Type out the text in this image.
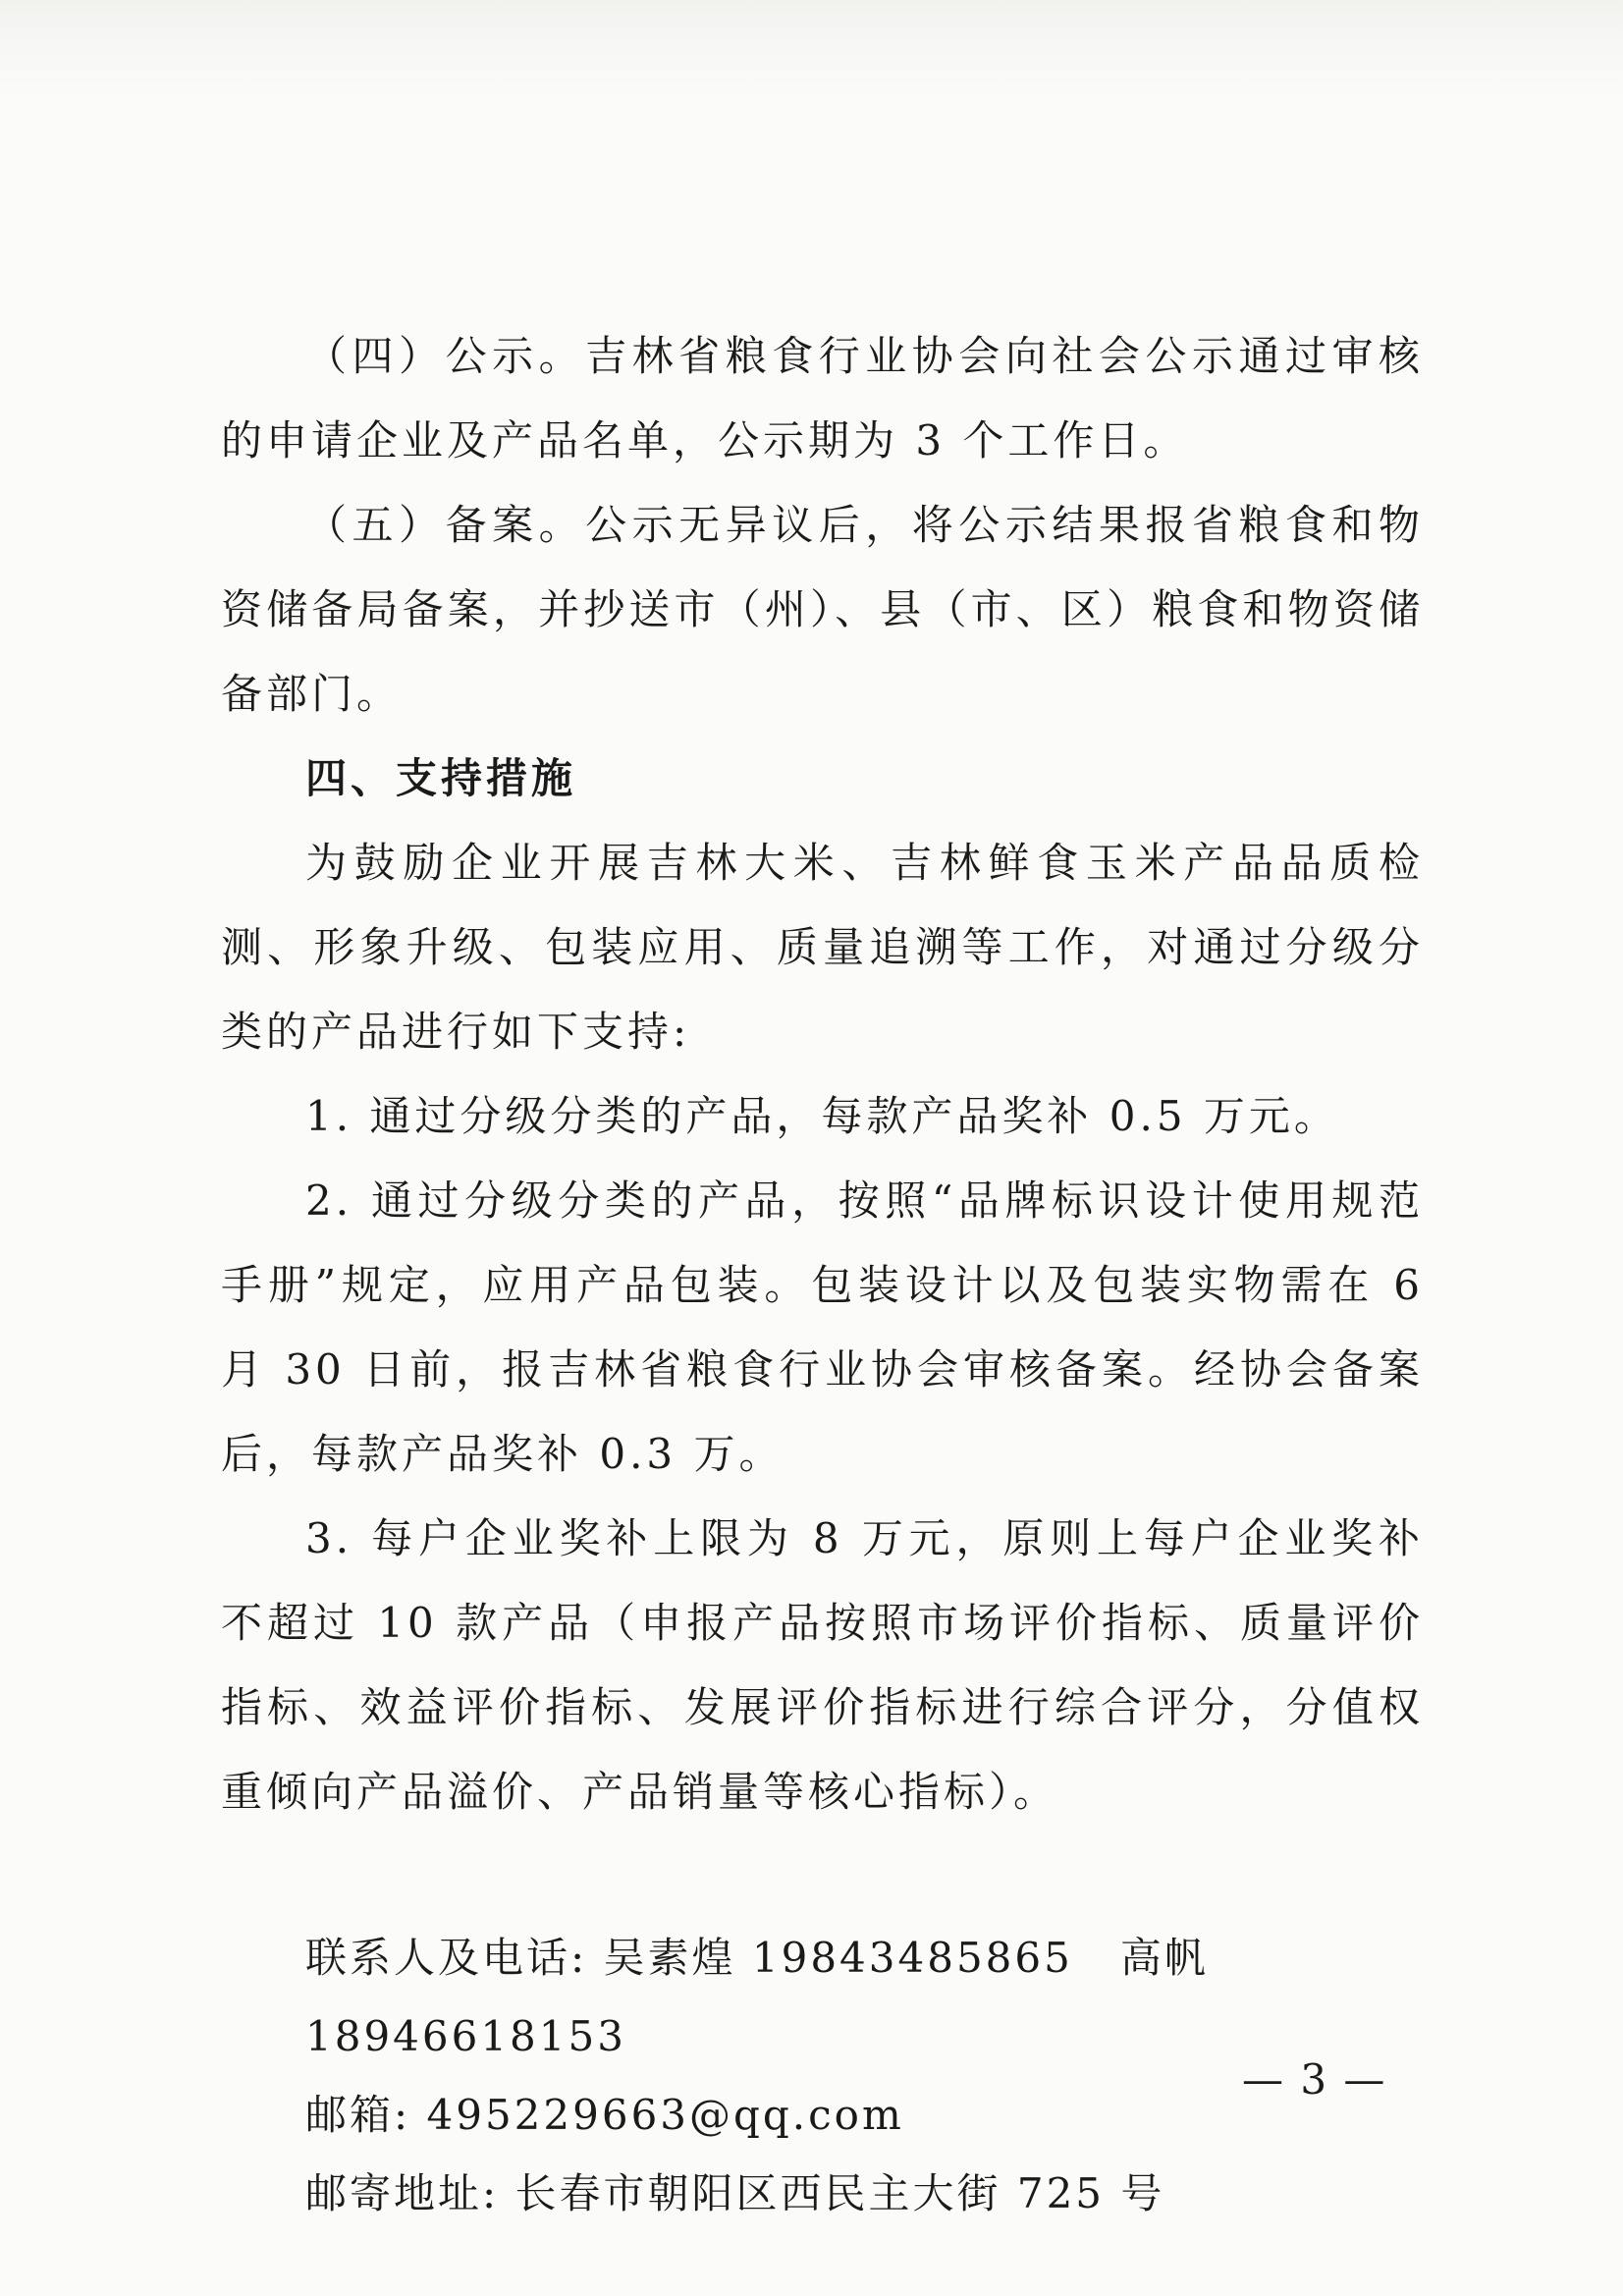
（四）公示。吉林省粮食行业协会向社会公示通过审核的申请企业及产品名单，公示期为 3 个工作日。

（五）备案。公示无异议后，将公示结果报省粮食和物资储备局备案，并抄送市（州）、县（市、区）粮食和物资储备部门。

四、支持措施

为鼓励企业开展吉林大米、吉林鲜食玉米产品品质检测、形象升级、包装应用、质量追溯等工作，对通过分级分类的产品进行如下支持:

1. 通过分级分类的产品，每款产品奖补 0.5 万元。

2. 通过分级分类的产品，按照“品牌标识设计使用规范手册”规定，应用产品包装。包装设计以及包装实物需在 6 月 30 日前，报吉林省粮食行业协会审核备案。经协会备案后，每款产品奖补 0.3 万。

3. 每户企业奖补上限为 8 万元，原则上每户企业奖补不超过 10 款产品（申报产品按照市场评价指标、质量评价指标、效益评价指标、发展评价指标进行综合评分，分值权重倾向产品溢价、产品销量等核心指标）。

联系人及电话: 吴素煌 19843485865 高帆 18946618153

邮箱: 495229663@qq.com

邮寄地址: 长春市朝阳区西民主大街 725 号

— 3 —
